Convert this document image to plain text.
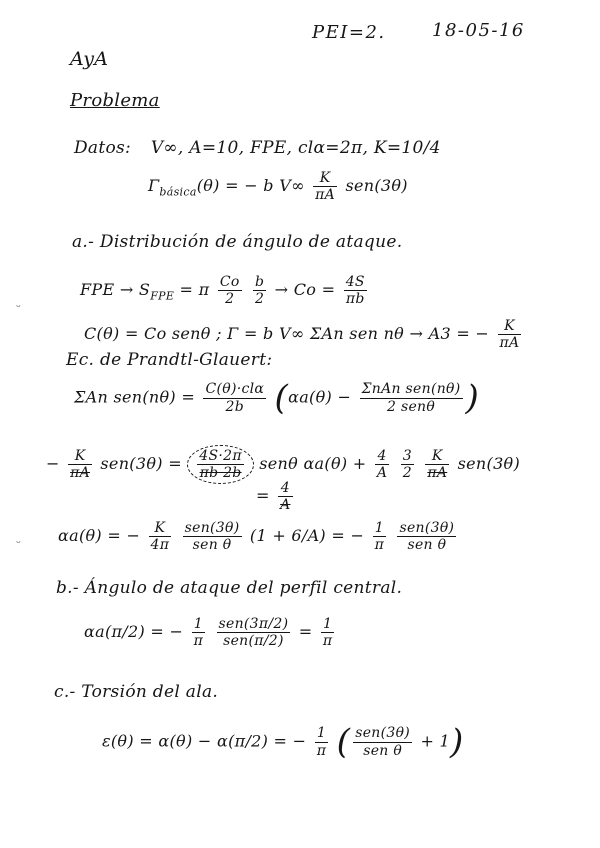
PEI=2.	18-05-16
AyA
Problema
Datos: V∞, A=10, FPE, clα=2π, K=10/4
$\Gamma_{básica}(\theta)$ = − b $V\infty \frac{K}{\pi A} sen(3\theta)$
a.- Distribución de ángulo de ataque.
FPE → $S_{FPE} = \pi \frac{Co}{2}$
$\frac{b}{2} \to Co = \frac{4S}{\pi b}$
C(θ) = Co senθ ; Γ = b V∞ ΣAn sen nθ → A3 = − $\frac{K}{\pi A}$
Ec. de Prandtl-Glauert:
ΣAn $sen(n\theta) = \frac{\text{C(θ)·clα}}{2b} (\alpha a(\theta) - \frac{\text{ΣnAn sen(nθ)}}{\text{2 senθ}}$ )
− $\frac{K}{\pi A} sen(3\theta) = \frac{4S\cdot 2\pi}{\pi b 2b}$ senθ $\alpha a(\theta) + \frac{4}{A}$
$\frac{3}{2}$
$\frac{K}{\pi A} sen(3\theta)$
= $\frac{4}{A}$
αa(θ) = − $\frac{K}{4\pi}$
$\frac{\text{sen(3θ)}}{\text{sen θ}} (1 + 6/A)$ = − $\frac{1}{\pi}$
$\frac{\text{sen(3θ)}}{\text{sen θ}}$
b.- Ángulo de ataque del perfil central.
αa(π/2) = − $\frac{1}{\pi}$
$\frac{\text{sen(3π/2)}}{\text{sen(π/2)}} = \frac{1}{\pi}$
c.- Torsión del ala.
ε(θ) = α(θ) − α(π/2) = − $\frac{1}{\pi}$ ( $\frac{\text{sen(3θ)}}{\text{sen θ}} + 1$)
ᵕ
ᵕ
